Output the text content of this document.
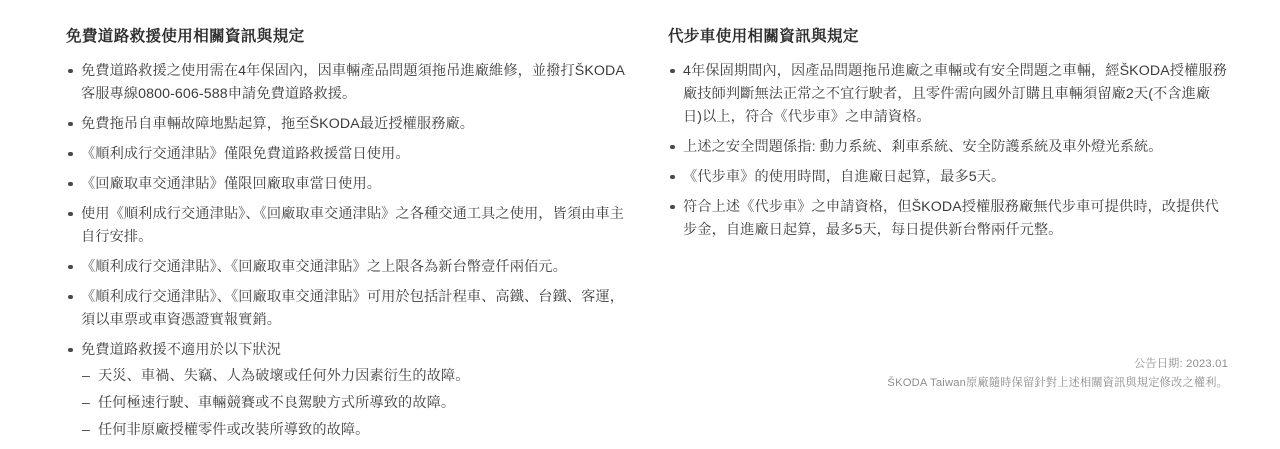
免費道路救援使用相關資訊與規定
免費道路救援之使用需在4年保固內，因車輛產品問題須拖吊進廠維修，並撥打ŠKODA客服專線0800-606-588申請免費道路救援。
免費拖吊自車輛故障地點起算，拖至ŠKODA最近授權服務廠。
《順利成行交通津貼》僅限免費道路救援當日使用。
《回廠取車交通津貼》僅限回廠取車當日使用。
使用《順利成行交通津貼》、《回廠取車交通津貼》之各種交通工具之使用，皆須由車主自行安排。
《順利成行交通津貼》、《回廠取車交通津貼》之上限各為新台幣壹仟兩佰元。
《順利成行交通津貼》、《回廠取車交通津貼》可用於包括計程車、高鐵、台鐵、客運，須以車票或車資憑證實報實銷。
免費道路救援不適用於以下狀況
– 天災、車禍、失竊、人為破壞或任何外力因素衍生的故障。
– 任何極速行駛、車輛競賽或不良駕駛方式所導致的故障。
– 任何非原廠授權零件或改裝所導致的故障。
代步車使用相關資訊與規定
4年保固期間內，因產品問題拖吊進廠之車輛或有安全問題之車輛，經ŠKODA授權服務廠技師判斷無法正常之不宜行駛者，且零件需向國外訂購且車輛須留廠2天(不含進廠日)以上，符合《代步車》之申請資格。
上述之安全問題係指: 動力系統、剎車系統、安全防護系統及車外燈光系統。
《代步車》的使用時間，自進廠日起算，最多5天。
符合上述《代步車》之申請資格，但ŠKODA授權服務廠無代步車可提供時，改提供代步金，自進廠日起算，最多5天，每日提供新台幣兩仟元整。
公告日期: 2023.01
ŠKODA Taiwan原廠隨時保留針對上述相關資訊與規定修改之權利。
